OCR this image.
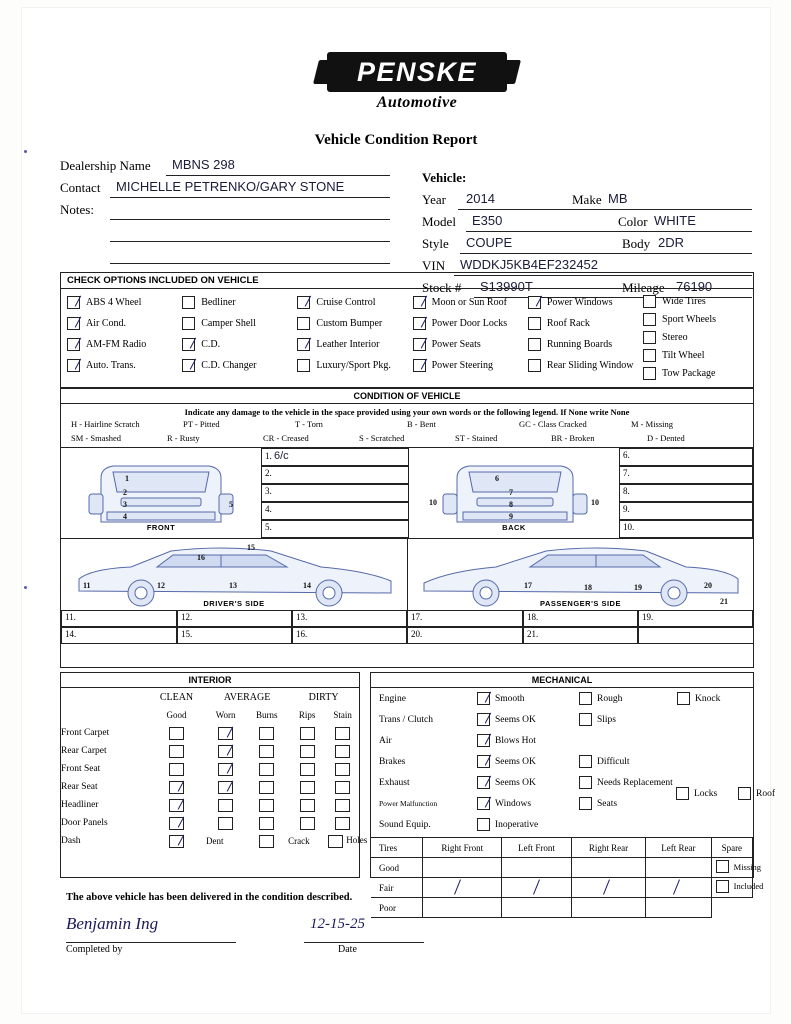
PENSKE
Automotive
Vehicle Condition Report
Dealership Name MBNS 298
Contact MICHELLE PETRENKO/GARY STONE
Notes:
Vehicle:
Year 2014	Make MB
Model E350	Color WHITE
Style COUPE	Body 2DR
VIN WDDKJ5KB4EF232452
Stock # S13990T	Mileage 76190
CHECK OPTIONS INCLUDED ON VEHICLE
ABS 4 Wheel
Air Cond.
AM-FM Radio
Auto. Trans.
Bedliner
Camper Shell
C.D.
C.D. Changer
Cruise Control
Custom Bumper
Leather Interior
Luxury/Sport Pkg.
Moon or Sun Roof
Power Door Locks
Power Seats
Power Steering
Power Windows
Roof Rack
Running Boards
Rear Sliding Window
Wide Tires
Sport Wheels
Stereo
Tilt Wheel
Tow Package
CONDITION OF VEHICLE
Indicate any damage to the vehicle in the space provided using your own words or the following legend. If None write None
H - Hairline Scratch	PT - Pitted	T - Torn	B - Bent	GC - Class Cracked	M - Missing
SM - Smashed	R - Rusty	CR - Creased	S - Scratched	ST - Stained	BR - Broken	D - Dented
1
2
3
4
5
FRONT
6
7
8
9
10	10
BACK
1. 6/c
2.
3.
4.
5.
6.
7.
8.
9.
10.
11	12	13	14
15
16
DRIVER'S SIDE
17	18	19	20
21
PASSENGER'S SIDE
11.	12.	13.
14.	15.	16.
17.	18.	19.
20.	21.
INTERIOR
	CLEAN	AVERAGE		DIRTY	
	Good	Worn	Burns	Rips	Stain
Front Carpet	

Rear Carpet	

Front Seat	

Rear Seat	

Headliner	

Door Panels	

Dash		Dent		Crack	Holes
MECHANICAL
Engine	Smooth	Rough	Knock

Trans / Clutch	Seems OK	Slips	

Air	Blows Hot		

Brakes	Seems OK	Difficult	

Exhaust	Seems OK	Needs Replacement	

Power Malfunction	Windows	Seats	Locks Roof

Sound Equip.	Inoperative		

Tires	Right Front	Left Front	Right Rear	Left Rear	Spare
Good					Missing

Fair					Included

Poor					
The above vehicle has been delivered in the condition described.
Benjamin Ing
Completed by
12-15-25
Date
